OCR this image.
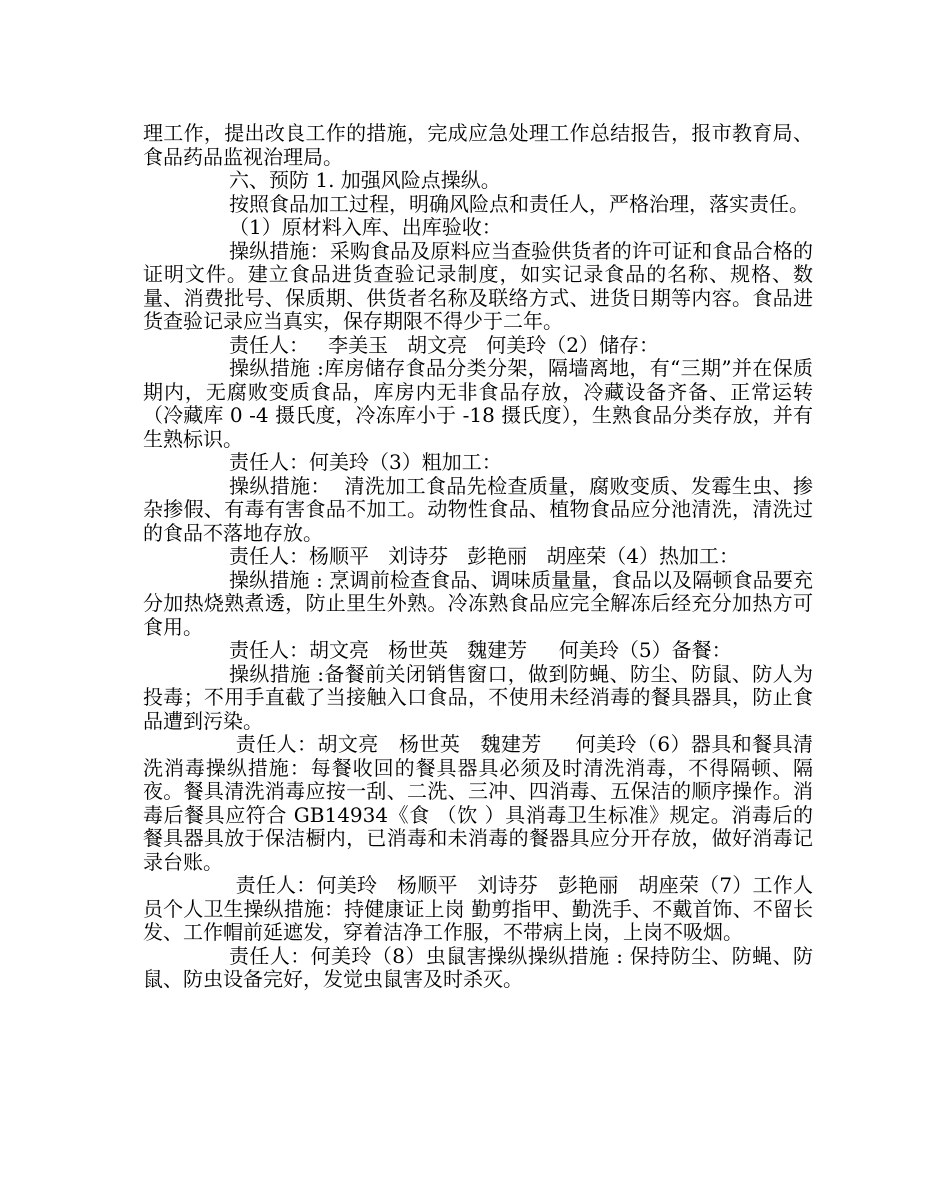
理工作，提出改良工作的措施，完成应急处理工作总结报告，报市教育局、食品药品监视治理局。

六、预防 1. 加强风险点操纵。

按照食品加工过程，明确风险点和责任人，严格治理，落实责任。

（1）原材料入库、出库验收：

操纵措施：采购食品及原料应当查验供货者的许可证和食品合格的证明文件。建立食品进货查验记录制度，如实记录食品的名称、规格、数量、消费批号、保质期、供货者名称及联络方式、进货日期等内容。食品进货查验记录应当真实，保存期限不得少于二年。

责任人：   李美玉   胡文亮   何美玲（2）储存：

操纵措施 :库房储存食品分类分架，隔墙离地，有“三期”并在保质期内，无腐败变质食品，库房内无非食品存放，冷藏设备齐备、正常运转（冷藏库 0 -4 摄氏度，冷冻库小于 -18 摄氏度），生熟食品分类存放，并有生熟标识。

责任人：何美玲（3）粗加工：

操纵措施：  清洗加工食品先检查质量，腐败变质、发霉生虫、掺杂掺假、有毒有害食品不加工。动物性食品、植物食品应分池清洗，清洗过的食品不落地存放。

责任人：杨顺平   刘诗芬   彭艳丽   胡座荣（4）热加工：

操纵措施 : 烹调前检查食品、调味质量量，食品以及隔顿食品要充分加热烧熟煮透，防止里生外熟。冷冻熟食品应完全解冻后经充分加热方可食用。

责任人：胡文亮   杨世英   魏建芳     何美玲（5）备餐：

操纵措施 :备餐前关闭销售窗口，做到防蝇、防尘、防鼠、防人为投毒；不用手直截了当接触入口食品，不使用未经消毒的餐具器具，防止食品遭到污染。

责任人：胡文亮   杨世英   魏建芳     何美玲（6）器具和餐具清洗消毒操纵措施：每餐收回的餐具器具必须及时清洗消毒，不得隔顿、隔夜。餐具清洗消毒应按一刮、二洗、三冲、四消毒、五保洁的顺序操作。消毒后餐具应符合 GB14934《食 （饮 ）具消毒卫生标准》规定。消毒后的餐具器具放于保洁橱内，已消毒和未消毒的餐器具应分开存放，做好消毒记录台账。

责任人：何美玲   杨顺平   刘诗芬   彭艳丽   胡座荣（7）工作人员个人卫生操纵措施：持健康证上岗 勤剪指甲、勤洗手、不戴首饰、不留长发、工作帽前延遮发，穿着洁净工作服，不带病上岗，上岗不吸烟。

责任人：何美玲（8）虫鼠害操纵操纵措施 : 保持防尘、防蝇、防鼠、防虫设备完好，发觉虫鼠害及时杀灭。
